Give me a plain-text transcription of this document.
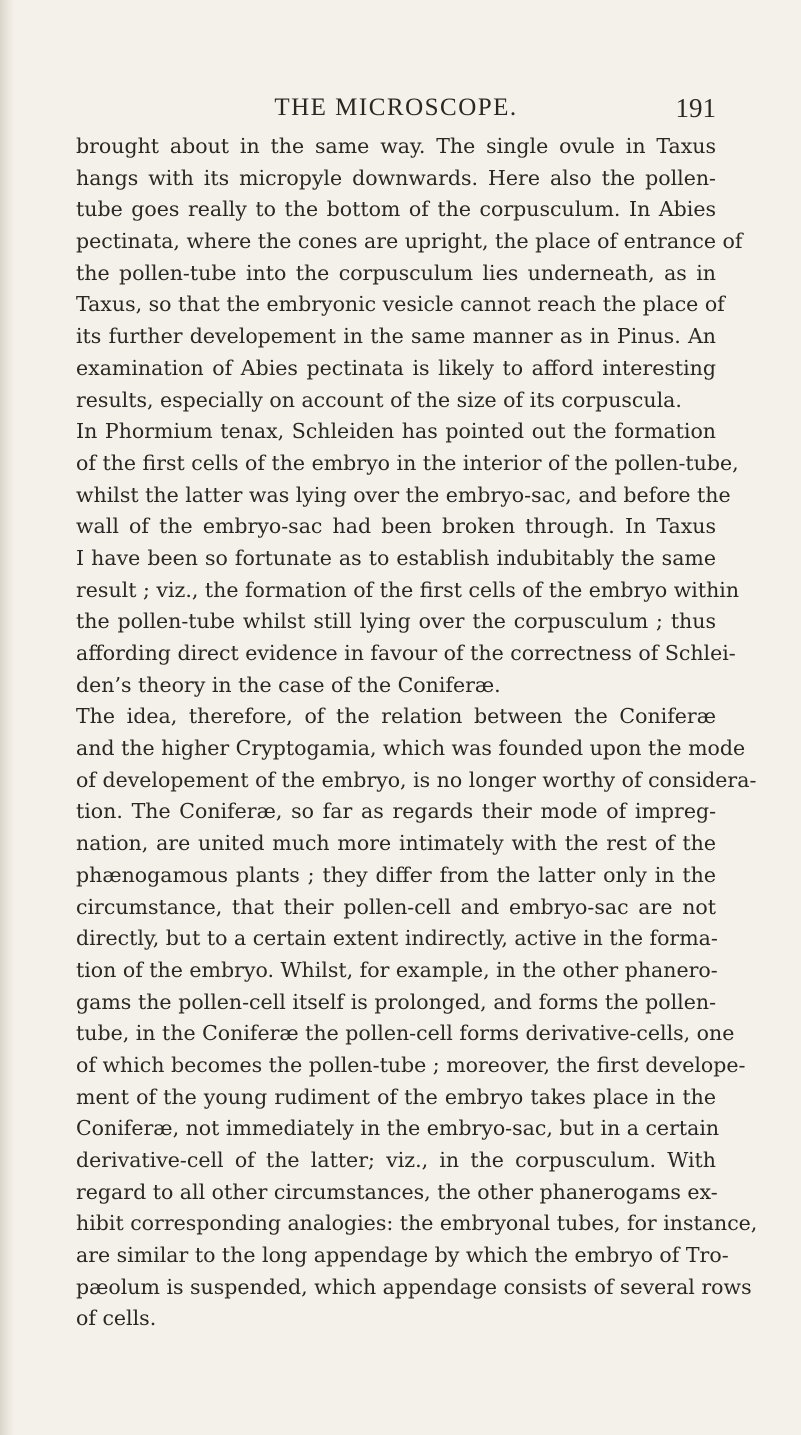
THE MICROSCOPE.	191
brought about in the same way. The single ovule in Taxus
hangs with its micropyle downwards. Here also the pollen-
tube goes really to the bottom of the corpusculum. In Abies
pectinata, where the cones are upright, the place of entrance of
the pollen-tube into the corpusculum lies underneath, as in
Taxus, so that the embryonic vesicle cannot reach the place of
its further developement in the same manner as in Pinus. An
examination of Abies pectinata is likely to afford interesting
results, especially on account of the size of its corpuscula.
In Phormium tenax, Schleiden has pointed out the formation
of the first cells of the embryo in the interior of the pollen-tube,
whilst the latter was lying over the embryo-sac, and before the
wall of the embryo-sac had been broken through. In Taxus
I have been so fortunate as to establish indubitably the same
result ; viz., the formation of the first cells of the embryo within
the pollen-tube whilst still lying over the corpusculum ; thus
affording direct evidence in favour of the correctness of Schlei-
den’s theory in the case of the Coniferæ.
The idea, therefore, of the relation between the Coniferæ
and the higher Cryptogamia, which was founded upon the mode
of developement of the embryo, is no longer worthy of considera-
tion. The Coniferæ, so far as regards their mode of impreg-
nation, are united much more intimately with the rest of the
phænogamous plants ; they differ from the latter only in the
circumstance, that their pollen-cell and embryo-sac are not
directly, but to a certain extent indirectly, active in the forma-
tion of the embryo. Whilst, for example, in the other phanero-
gams the pollen-cell itself is prolonged, and forms the pollen-
tube, in the Coniferæ the pollen-cell forms derivative-cells, one
of which becomes the pollen-tube ; moreover, the first develope-
ment of the young rudiment of the embryo takes place in the
Coniferæ, not immediately in the embryo-sac, but in a certain
derivative-cell of the latter; viz., in the corpusculum. With
regard to all other circumstances, the other phanerogams ex-
hibit corresponding analogies: the embryonal tubes, for instance,
are similar to the long appendage by which the embryo of Tro-
pæolum is suspended, which appendage consists of several rows
of cells.
